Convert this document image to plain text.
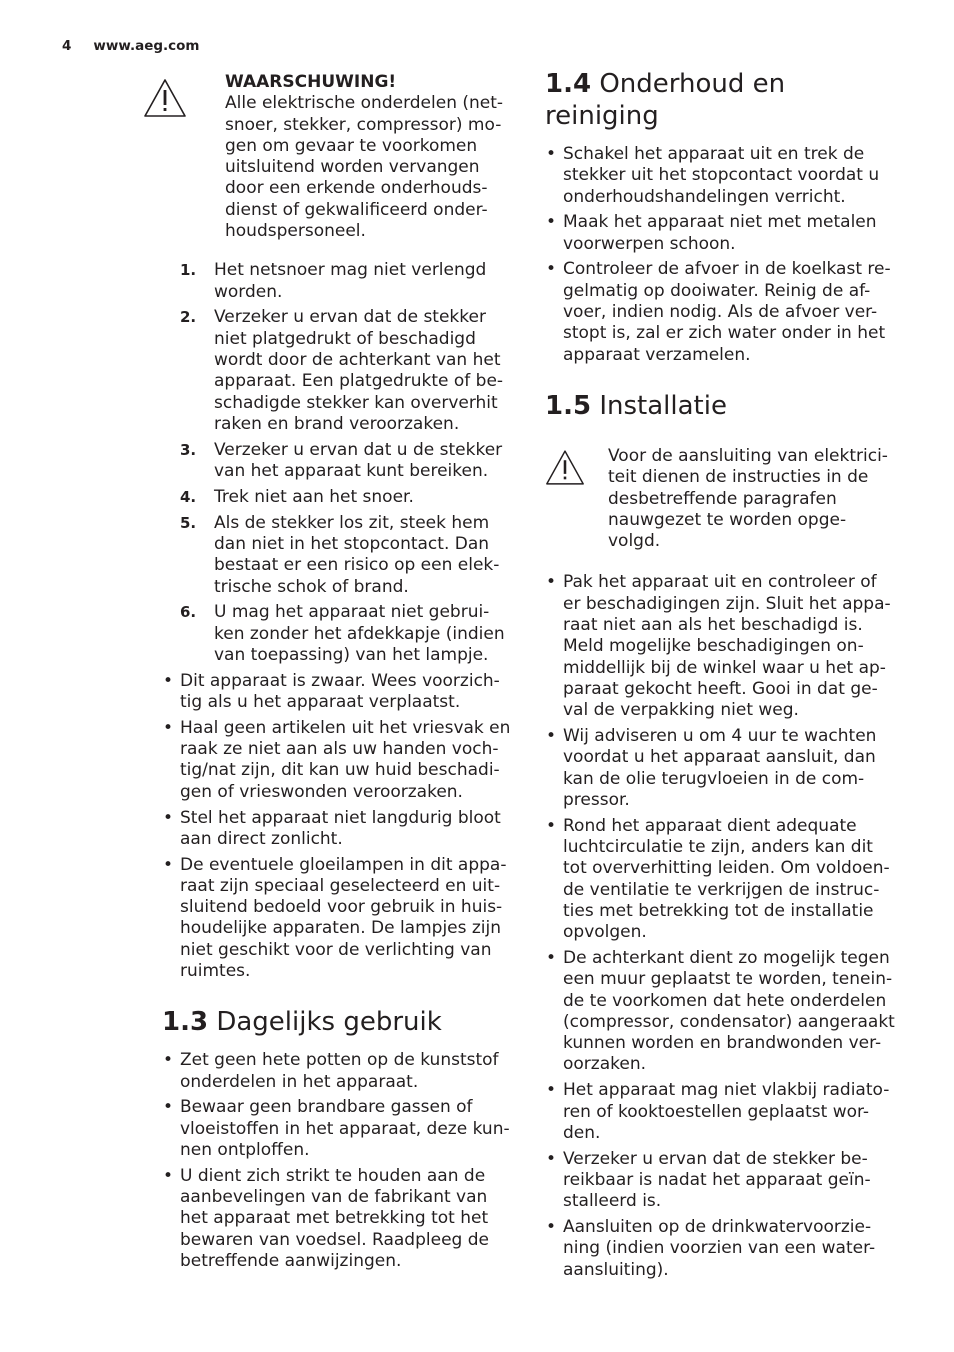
4 www.aeg.com
WAARSCHUWING!
Alle elektrische onderdelen (net-
snoer, stekker, compressor) mo-
gen om gevaar te voorkomen
uitsluitend worden vervangen
door een erkende onderhouds-
dienst of gekwalificeerd onder-
houdspersoneel.
1. Het netsnoer mag niet verlengd
worden.
2. Verzeker u ervan dat de stekker
niet platgedrukt of beschadigd
wordt door de achterkant van het
apparaat. Een platgedrukte of be-
schadigde stekker kan oververhit
raken en brand veroorzaken.
3. Verzeker u ervan dat u de stekker
van het apparaat kunt bereiken.
4. Trek niet aan het snoer.
5. Als de stekker los zit, steek hem
dan niet in het stopcontact. Dan
bestaat er een risico op een elek-
trische schok of brand.
6. U mag het apparaat niet gebrui-
ken zonder het afdekkapje (indien
van toepassing) van het lampje.
• Dit apparaat is zwaar. Wees voorzich-
tig als u het apparaat verplaatst.
• Haal geen artikelen uit het vriesvak en
raak ze niet aan als uw handen voch-
tig/nat zijn, dit kan uw huid beschadi-
gen of vrieswonden veroorzaken.
• Stel het apparaat niet langdurig bloot
aan direct zonlicht.
• De eventuele gloeilampen in dit appa-
raat zijn speciaal geselecteerd en uit-
sluitend bedoeld voor gebruik in huis-
houdelijke apparaten. De lampjes zijn
niet geschikt voor de verlichting van
ruimtes.
1.3 Dagelijks gebruik
• Zet geen hete potten op de kunststof
onderdelen in het apparaat.
• Bewaar geen brandbare gassen of
vloeistoffen in het apparaat, deze kun-
nen ontploffen.
• U dient zich strikt te houden aan de
aanbevelingen van de fabrikant van
het apparaat met betrekking tot het
bewaren van voedsel. Raadpleeg de
betreffende aanwijzingen.
1.4 Onderhoud en reiniging
• Schakel het apparaat uit en trek de
stekker uit het stopcontact voordat u
onderhoudshandelingen verricht.
• Maak het apparaat niet met metalen
voorwerpen schoon.
• Controleer de afvoer in de koelkast re-
gelmatig op dooiwater. Reinig de af-
voer, indien nodig. Als de afvoer ver-
stopt is, zal er zich water onder in het
apparaat verzamelen.
1.5 Installatie
Voor de aansluiting van elektrici-
teit dienen de instructies in de
desbetreffende paragrafen
nauwgezet te worden opge-
volgd.
• Pak het apparaat uit en controleer of
er beschadigingen zijn. Sluit het appa-
raat niet aan als het beschadigd is.
Meld mogelijke beschadigingen on-
middellijk bij de winkel waar u het ap-
paraat gekocht heeft. Gooi in dat ge-
val de verpakking niet weg.
• Wij adviseren u om 4 uur te wachten
voordat u het apparaat aansluit, dan
kan de olie terugvloeien in de com-
pressor.
• Rond het apparaat dient adequate
luchtcirculatie te zijn, anders kan dit
tot oververhitting leiden. Om voldoen-
de ventilatie te verkrijgen de instruc-
ties met betrekking tot de installatie
opvolgen.
• De achterkant dient zo mogelijk tegen
een muur geplaatst te worden, tenein-
de te voorkomen dat hete onderdelen
(compressor, condensator) aangeraakt
kunnen worden en brandwonden ver-
oorzaken.
• Het apparaat mag niet vlakbij radiato-
ren of kooktoestellen geplaatst wor-
den.
• Verzeker u ervan dat de stekker be-
reikbaar is nadat het apparaat geïn-
stalleerd is.
• Aansluiten op de drinkwatervoorzie-
ning (indien voorzien van een water-
aansluiting).
